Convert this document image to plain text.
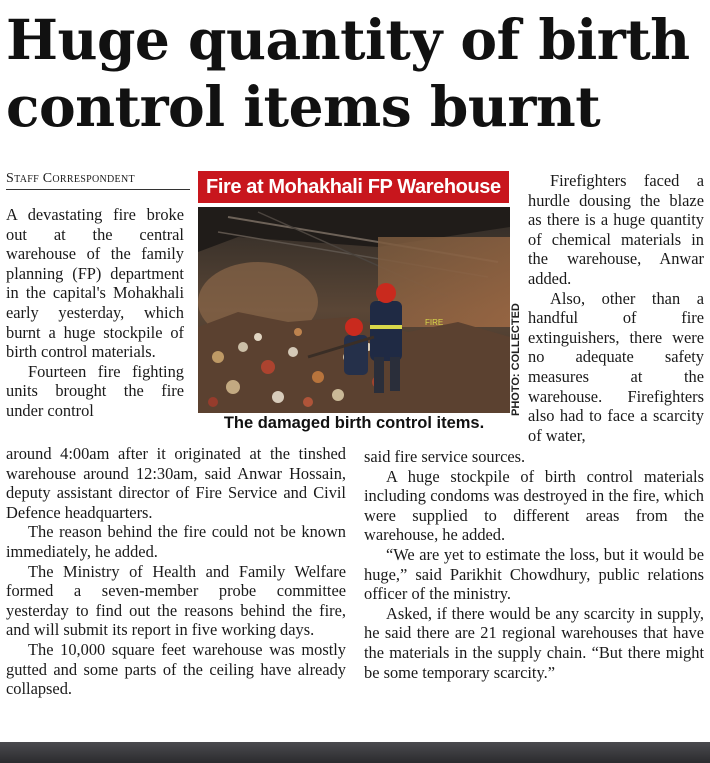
Huge quantity of birth control items burnt
Staff Correspondent

A devastating fire broke out at the central warehouse of the family planning (FP) department in the capital's Mohakhali early yesterday, which burnt a huge stockpile of birth control materials.

Fourteen fire fighting units brought the fire under control

Fire at Mohakhali FP Warehouse
FIRE	PHOTO: COLLECTED
The damaged birth control items.

Firefighters faced a hurdle dousing the blaze as there is a huge quantity of chemical materials in the warehouse, Anwar added.

Also, other than a handful of fire extinguishers, there were no adequate safety measures at the warehouse. Firefighters also had to face a scarcity of water,

around 4:00am after it originated at the tinshed warehouse around 12:30am, said Anwar Hossain, deputy assistant director of Fire Service and Civil Defence headquarters.

The reason behind the fire could not be known immediately, he added.

The Ministry of Health and Family Welfare formed a seven-member probe committee yesterday to find out the reasons behind the fire, and will submit its report in five working days.

The 10,000 square feet warehouse was mostly gutted and some parts of the ceiling have already collapsed.

said fire service sources.

A huge stockpile of birth control materials including condoms was destroyed in the fire, which were supplied to different areas from the warehouse, he added.

“We are yet to estimate the loss, but it would be huge,” said Parikhit Chowdhury, public relations officer of the ministry.

Asked, if there would be any scarcity in supply, he said there are 21 regional warehouses that have the materials in the supply chain. “But there might be some temporary scarcity.”
